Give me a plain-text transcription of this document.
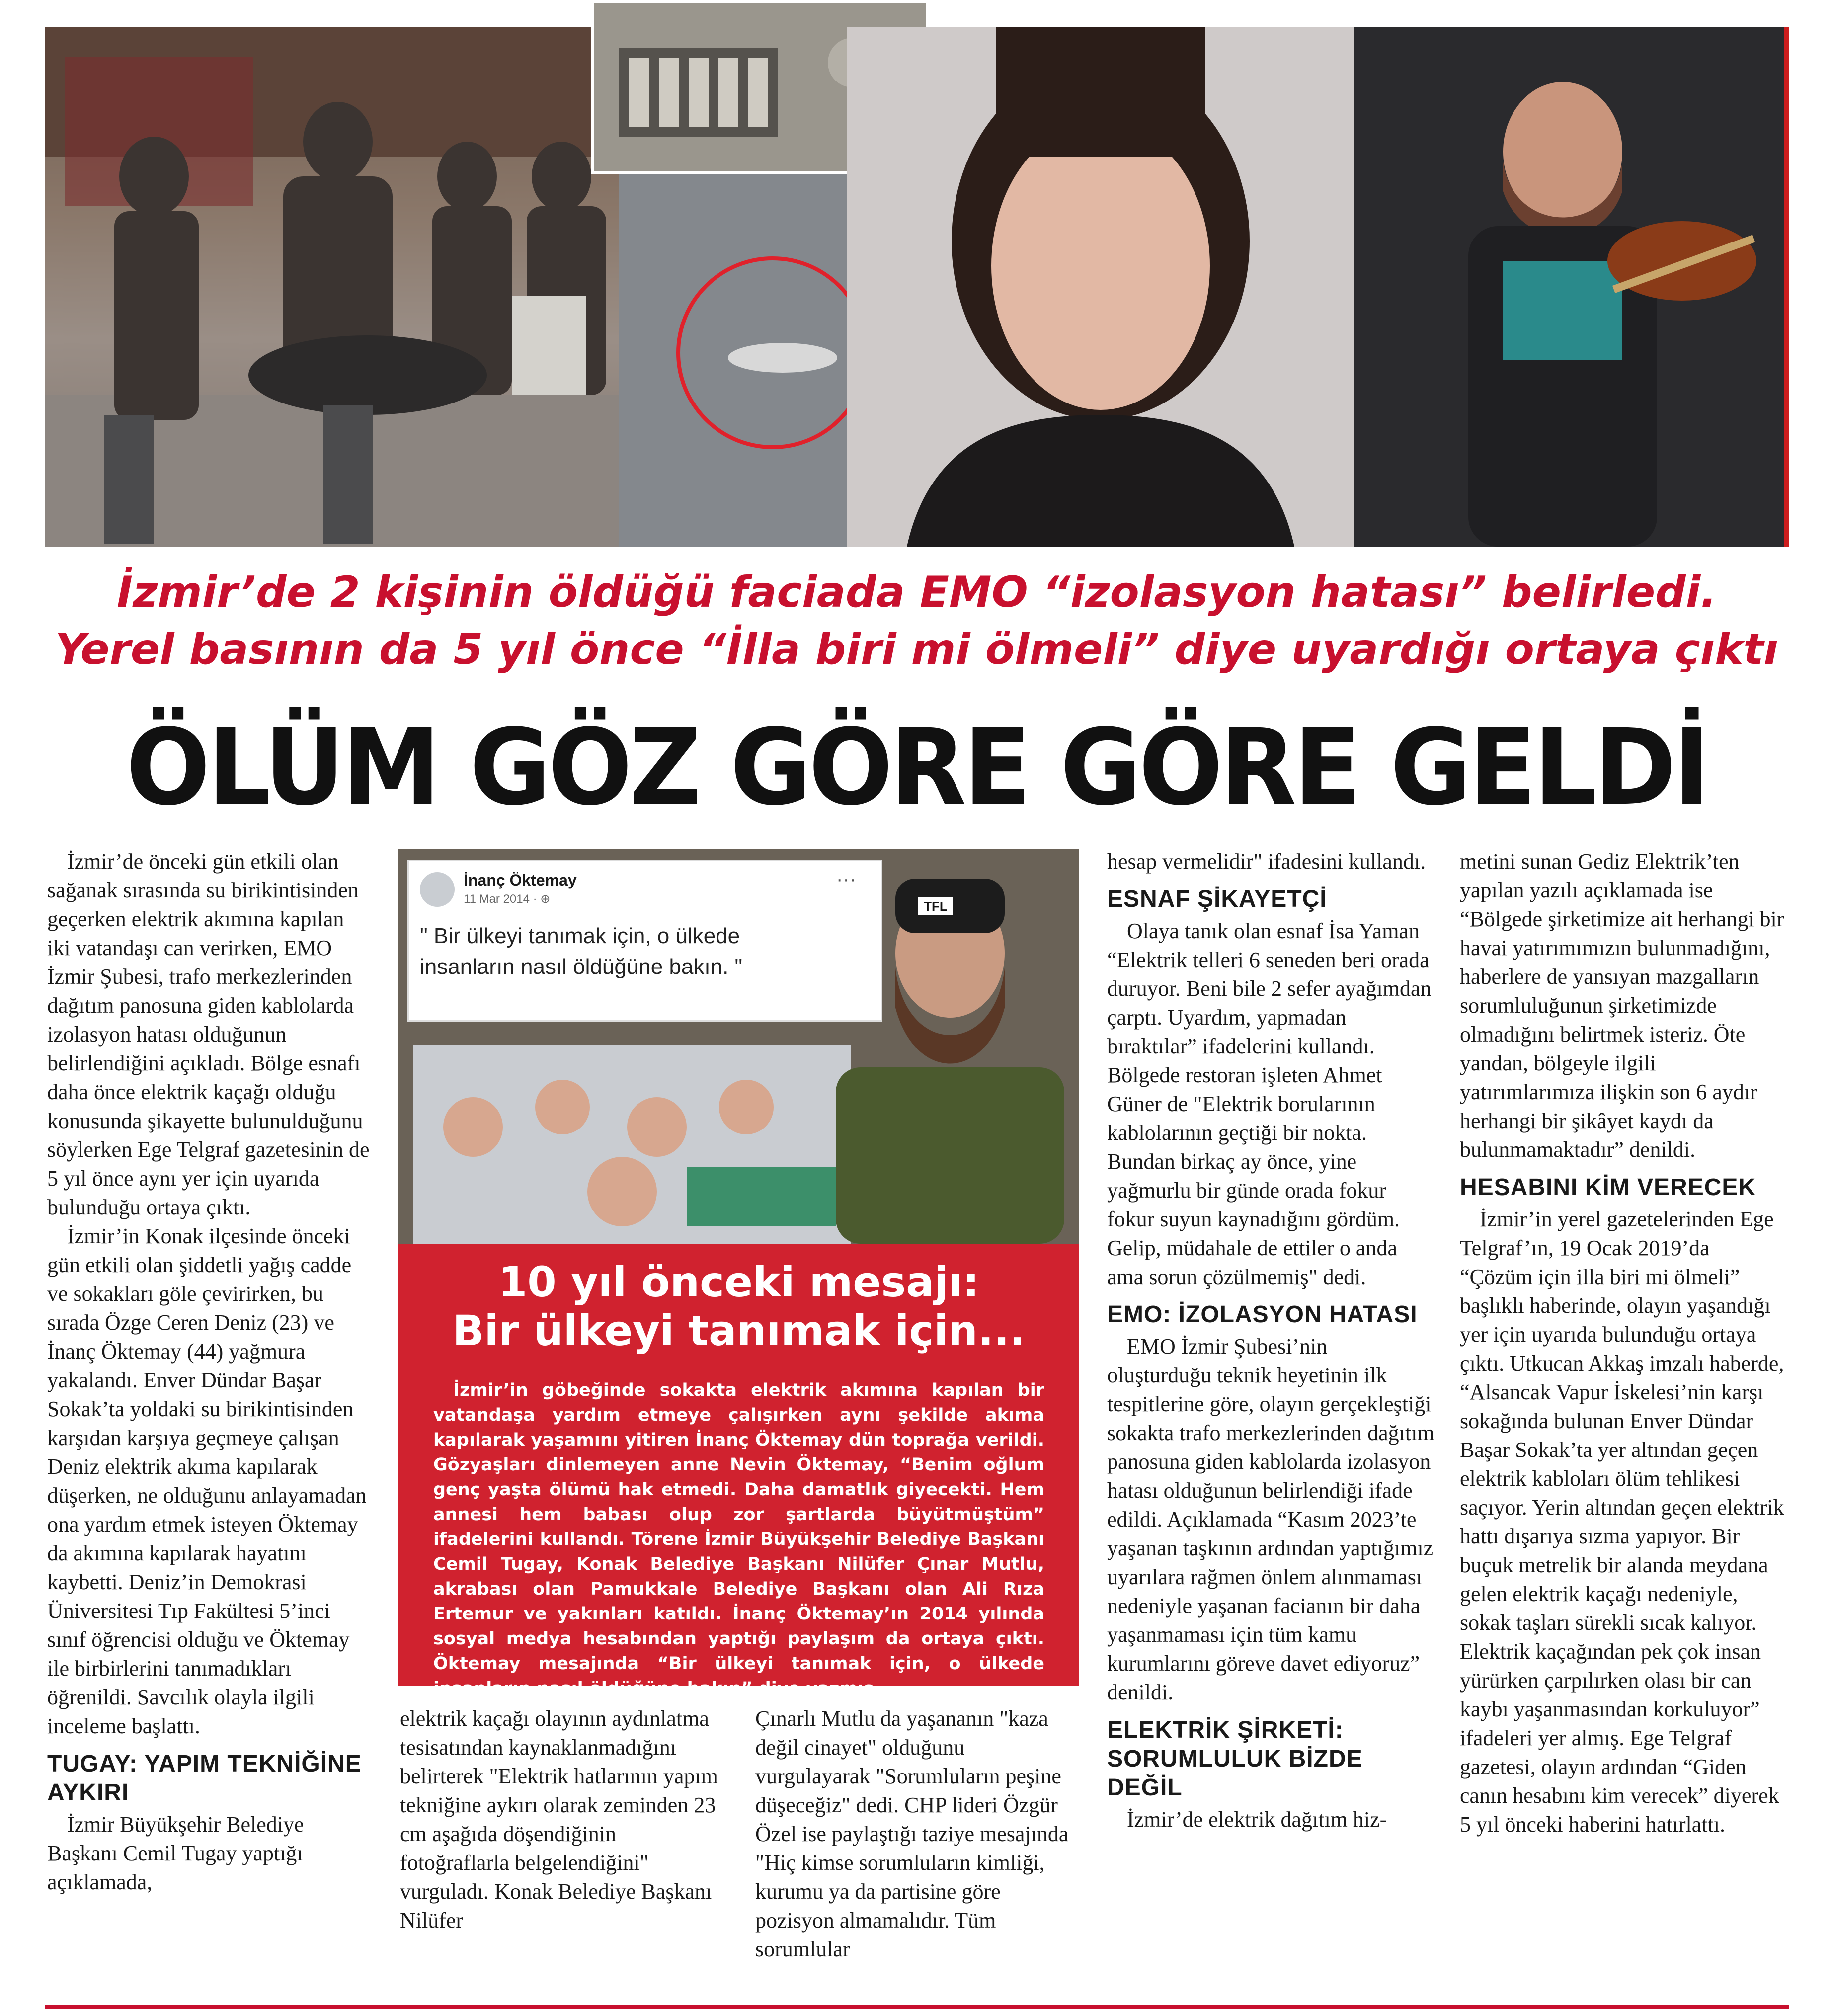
İzmir’de 2 kişinin öldüğü faciada EMO “izolasyon hatası” belirledi.
Yerel basının da 5 yıl önce “İlla biri mi ölmeli” diye uyardığı ortaya çıktı
ÖLÜM GÖZ GÖRE GÖRE GELDİ

İzmir’de önceki gün etkili olan sağanak sırasında su birikintisinden geçerken elektrik akımına kapılan iki vatandaşı can verirken, EMO İzmir Şubesi, trafo merkezlerinden dağıtım panosuna giden kablolarda izolasyon hatası olduğunun belirlendiğini açıkladı. Bölge esnafı daha önce elektrik kaçağı olduğu konusunda şikayette bulunulduğunu söylerken Ege Telgraf gazetesinin de 5 yıl önce aynı yer için uyarıda bulunduğu ortaya çıktı.

İzmir’in Konak ilçesinde önceki gün etkili olan şiddetli yağış cadde ve sokakları göle çevirirken, bu sırada Özge Ceren Deniz (23) ve İnanç Öktemay (44) yağmura yakalandı. Enver Dündar Başar Sokak’ta yoldaki su birikintisinden karşıdan karşıya geçmeye çalışan Deniz elektrik akıma kapılarak düşerken, ne olduğunu anlayamadan ona yardım etmek isteyen Öktemay da akımına kapılarak hayatını kaybetti. Deniz’in Demokrasi Üniversitesi Tıp Fakültesi 5’inci sınıf öğrencisi olduğu ve Öktemay ile birbirlerini tanımadıkları öğrenildi. Savcılık olayla ilgili inceleme başlattı.

TUGAY: YAPIM TEKNİĞİNE AYKIRI

İzmir Büyükşehir Belediye Başkanı Cemil Tugay yaptığı açıklamada,

İnanç Öktemay
11 Mar 2014 · ⊕
···
" Bir ülkeyi tanımak için, o ülkede insanların nasıl öldüğüne bakın. "
TFL
10 yıl önceki mesajı:
Bir ülkeyi tanımak için...
İzmir’in göbeğinde sokakta elektrik akımına kapılan bir vatandaşa yardım etmeye çalışırken aynı şekilde akıma kapılarak yaşamını yitiren İnanç Öktemay dün toprağa verildi. Gözyaşları dinlemeyen anne Nevin Öktemay, “Benim oğlum genç yaşta ölümü hak etmedi. Daha damatlık giyecekti. Hem annesi hem babası olup zor şartlarda büyütmüştüm” ifadelerini kullandı. Törene İzmir Büyükşehir Belediye Başkanı Cemil Tugay, Konak Belediye Başkanı Nilüfer Çınar Mutlu, akrabası olan Pamukkale Belediye Başkanı olan Ali Rıza Ertemur ve yakınları katıldı. İnanç Öktemay’ın 2014 yılında sosyal medya hesabından yaptığı paylaşım da ortaya çıktı. Öktemay mesajında “Bir ülkeyi tanımak için, o ülkede insanların nasıl öldüğüne bakın” diye yazmış.

elektrik kaçağı olayının aydınlatma tesisatından kaynaklanmadığını belirterek "Elektrik hatlarının yapım tekniğine aykırı olarak zeminden 23 cm aşağıda döşendiğinin fotoğraflarla belgelendiğini" vurguladı. Konak Belediye Başkanı Nilüfer

Çınarlı Mutlu da yaşananın "kaza değil cinayet" olduğunu vurgulayarak "Sorumluların peşine düşeceğiz" dedi. CHP lideri Özgür Özel ise paylaştığı taziye mesajında "Hiç kimse sorumluların kimliği, kurumu ya da partisine göre pozisyon almamalıdır. Tüm sorumlular

hesap vermelidir" ifadesini kullandı.

ESNAF ŞİKAYETÇİ

Olaya tanık olan esnaf İsa Yaman “Elektrik telleri 6 seneden beri orada duruyor. Beni bile 2 sefer ayağımdan çarptı. Uyardım, yapmadan bıraktılar” ifadelerini kullandı. Bölgede restoran işleten Ahmet Güner de "Elektrik borularının kablolarının geçtiği bir nokta. Bundan birkaç ay önce, yine yağmurlu bir günde orada fokur fokur suyun kaynadığını gördüm. Gelip, müdahale de ettiler o anda ama sorun çözülmemiş" dedi.

EMO: İZOLASYON HATASI

EMO İzmir Şubesi’nin oluşturduğu teknik heyetinin ilk tespitlerine göre, olayın gerçekleştiği sokakta trafo merkezlerinden dağıtım panosuna giden kablolarda izolasyon hatası olduğunun belirlendiği ifade edildi. Açıklamada “Kasım 2023’te yaşanan taşkının ardından yaptığımız uyarılara rağmen önlem alınmaması nedeniyle yaşanan facianın bir daha yaşanmaması için tüm kamu kurumlarını göreve davet ediyoruz” denildi.

ELEKTRİK ŞİRKETİ: SORUMLULUK BİZDE DEĞİL

İzmir’de elektrik dağıtım hiz-

metini sunan Gediz Elektrik’ten yapılan yazılı açıklamada ise “Bölgede şirketimize ait herhangi bir havai yatırımımızın bulunmadığını, haberlere de yansıyan mazgalların sorumluluğunun şirketimizde olmadığını belirtmek isteriz. Öte yandan, bölgeyle ilgili yatırımlarımıza ilişkin son 6 aydır herhangi bir şikâyet kaydı da bulunmamaktadır” denildi.

HESABINI KİM VERECEK

İzmir’in yerel gazetelerinden Ege Telgraf’ın, 19 Ocak 2019’da “Çözüm için illa biri mi ölmeli” başlıklı haberinde, olayın yaşandığı yer için uyarıda bulunduğu ortaya çıktı. Utkucan Akkaş imzalı haberde, “Alsancak Vapur İskelesi’nin karşı sokağında bulunan Enver Dündar Başar Sokak’ta yer altından geçen elektrik kabloları ölüm tehlikesi saçıyor. Yerin altından geçen elektrik hattı dışarıya sızma yapıyor. Bir buçuk metrelik bir alanda meydana gelen elektrik kaçağı nedeniyle, sokak taşları sürekli sıcak kalıyor. Elektrik kaçağından pek çok insan yürürken çarpılırken olası bir can kaybı yaşanmasından korkuluyor” ifadeleri yer almış. Ege Telgraf gazetesi, olayın ardından “Giden canın hesabını kim verecek” diyerek 5 yıl önceki haberini hatırlattı.
